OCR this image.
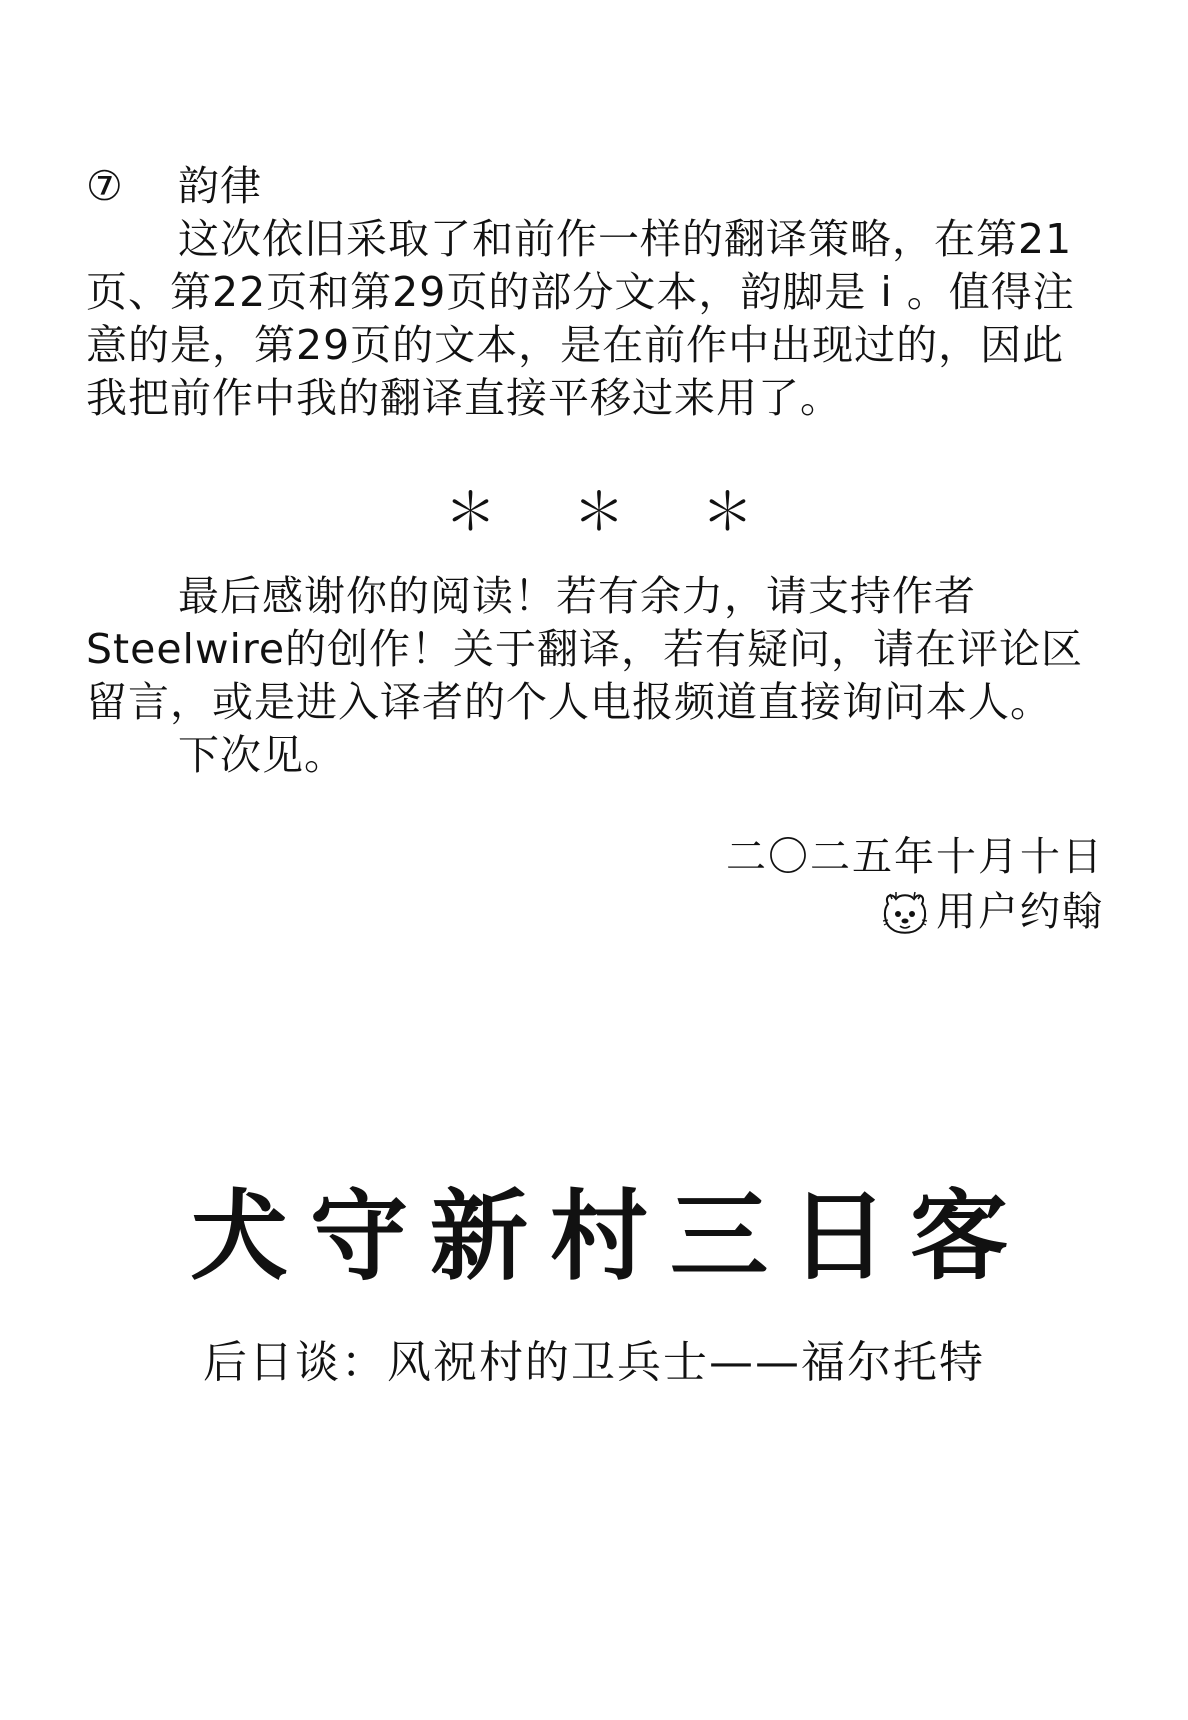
⑦ 韵律

这次依旧采取了和前作一样的翻译策略，在第21页、第22页和第29页的部分文本，韵脚是 i 。值得注意的是，第29页的文本，是在前作中出现过的，因此我把前作中我的翻译直接平移过来用了。

＊ ＊ ＊

最后感谢你的阅读！若有余力，请支持作者Steelwire的创作！关于翻译，若有疑问，请在评论区留言，或是进入译者的个人电报频道直接询问本人。

下次见。

二〇二五年十月十日
用户约翰
犬守新村三日客
后日谈：风祝村的卫兵士——福尔托特
